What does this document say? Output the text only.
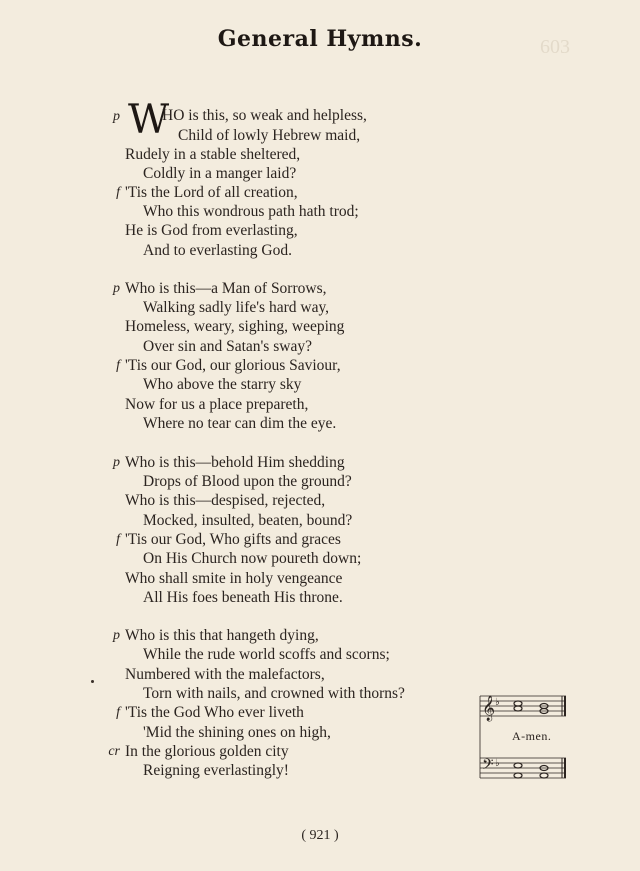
General Hymns.	603
p W
HO is this, so weak and helpless,
Child of lowly Hebrew maid,
Rudely in a stable sheltered,
Coldly in a manger laid?
f 'Tis the Lord of all creation,
Who this wondrous path hath trod;
He is God from everlasting,
And to everlasting God.
p Who is this—a Man of Sorrows,
Walking sadly life's hard way,
Homeless, weary, sighing, weeping
Over sin and Satan's sway?
f 'Tis our God, our glorious Saviour,
Who above the starry sky
Now for us a place prepareth,
Where no tear can dim the eye.
p Who is this—behold Him shedding
Drops of Blood upon the ground?
Who is this—despised, rejected,
Mocked, insulted, beaten, bound?
f 'Tis our God, Who gifts and graces
On His Church now poureth down;
Who shall smite in holy vengeance
All His foes beneath His throne.
p Who is this that hangeth dying,
While the rude world scoffs and scorns;
Numbered with the malefactors,
Torn with nails, and crowned with thorns?
f 'Tis the God Who ever liveth
'Mid the shining ones on high,
cr In the glorious golden city
Reigning everlastingly!
𝄞 ♭
𝄢 ♭
A-men.
( 921 )
